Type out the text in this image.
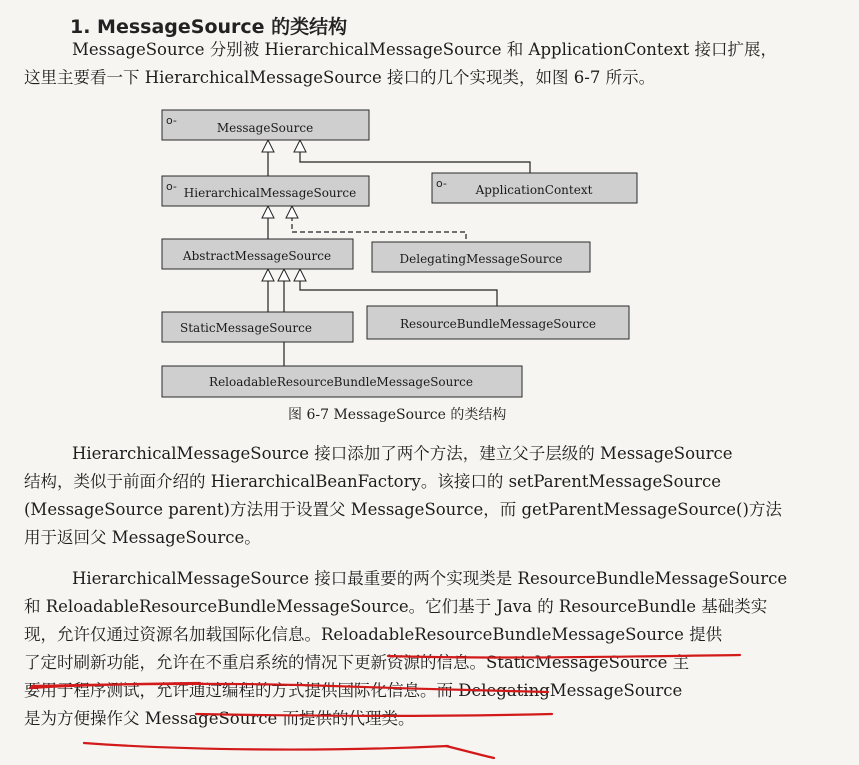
1. MessageSource 的类结构
MessageSource 分别被 HierarchicalMessageSource 和 ApplicationContext 接口扩展，
这里主要看一下 HierarchicalMessageSource 接口的几个实现类，如图 6-7 所示。
o-
MessageSource
o- HierarchicalMessageSource
o- ApplicationContext
AbstractMessageSource	DelegatingMessageSource
StaticMessageSource	ResourceBundleMessageSource
ReloadableResourceBundleMessageSource
图 6-7 MessageSource 的类结构
HierarchicalMessageSource 接口添加了两个方法，建立父子层级的 MessageSource
结构，类似于前面介绍的 HierarchicalBeanFactory。该接口的 setParentMessageSource
(MessageSource parent)方法用于设置父 MessageSource，而 getParentMessageSource()方法
用于返回父 MessageSource。
HierarchicalMessageSource 接口最重要的两个实现类是 ResourceBundleMessageSource
和 ReloadableResourceBundleMessageSource。它们基于 Java 的 ResourceBundle 基础类实
现，允许仅通过资源名加载国际化信息。ReloadableResourceBundleMessageSource 提供
了定时刷新功能，允许在不重启系统的情况下更新资源的信息。StaticMessageSource 主
要用于程序测试，允许通过编程的方式提供国际化信息。而 DelegatingMessageSource
是为方便操作父 MessageSource 而提供的代理类。
